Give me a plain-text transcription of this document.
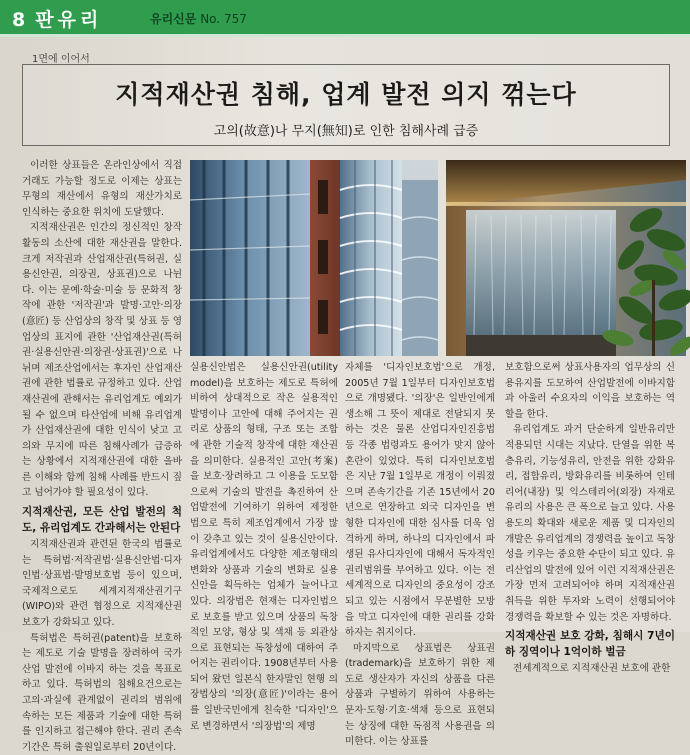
8 판유리	유리신문 No. 757
1면에 이어서
지적재산권 침해, 업계 발전 의지 꺾는다
고의(故意)나 무지(無知)로 인한 침해사례 급증

이러한 상표들은 온라인상에서 직접 거래도 가능할 정도로 이제는 상표는 무형의 재산에서 유형의 재산가치로 인식하는 중요한 위치에 도달했다.

지적재산권은 인간의 정신적인 창작활동의 소산에 대한 재산권을 말한다. 크게 저작권과 산업재산권(특허권, 실용신안권, 의장권, 상표권)으로 나뉜다. 이는 문예·학술·미술 등 문화적 창작에 관한 '저작권'과 발명·고안·의장(意匠) 등 산업상의 창작 및 상표 등 영업상의 표지에 관한 '산업재산권(특허권·실용신안권·의장권·상표권)'으로 나뉘며 제조산업에서는 후자인 산업재산권에 관한 법률로 규정하고 있다. 산업재산권에 관해서는 유리업계도 예외가 될 수 없으며 타산업에 비해 유리업계가 산업재산권에 대한 인식이 낮고 고의와 무지에 따른 침해사례가 급증하는 상황에서 지적재산권에 대한 올바른 이해와 함께 침해 사례를 반드시 짚고 넘어가야 할 필요성이 있다.

지적재산권, 모든 산업 발전의 척도, 유리업계도 간과해서는 안된다

지적재산권과 관련된 한국의 법률로는 특허법·저작권법·실용신안법·디자인법·상표법·발명보호법 등이 있으며, 국제적으로도 세계지적재산권기구(WIPO)와 관련 협정으로 지적재산권 보호가 강화되고 있다.

특허법은 특허권(patent)을 보호하는 제도로 기술 발명을 장려하여 국가산업 발전에 이바지 하는 것을 목표로 하고 있다. 특허법의 침해요건으로는 고의·과실에 관계없이 권리의 범위에 속하는 모든 제품과 기술에 대한 특허를 인지하고 접근해야 한다. 권리 존속기간은 특허 출원일로부터 20년이다.

실용신안법은 실용신안권(utility model)을 보호하는 제도로 특허에 비하여 상대적으로 작은 실용적인 발명이나 고안에 대해 주어지는 권리로 상품의 형태, 구조 또는 조합에 관한 기술적 창작에 대한 재산권을 의미한다. 실용적인 고안(考案)을 보호·장려하고 그 이용을 도모함으로써 기술의 발전을 촉진하여 산업발전에 기여하기 위하여 제정한 법으로 특히 제조업계에서 가장 많이 갖추고 있는 것이 실용신안이다. 유리업계에서도 다양한 제조형태의 변화와 상품과 기술의 변화로 실용신안을 획득하는 업체가 늘어나고 있다. 의장법은 현재는 디자인법으로 보호를 받고 있으며 상품의 독창적인 모양, 형상 및 색채 등 외관상으로 표현되는 독창성에 대하여 주어지는 권리이다. 1908년부터 사용되어 왔던 일본식 한자말인 현행 의장법상의 '의장(意匠)'이라는 용어를 일반국민에게 친숙한 '디자인'으로 변경하면서 '의장법'의 제명

자체를 '디자인보호법'으로 개정, 2005년 7월 1일부터 디자인보호법으로 개명됐다. '의장'은 일반인에게 생소해 그 뜻이 제대로 전달되지 못하는 것은 물론 산업디자인진흥법 등 각종 법령과도 용어가 맞지 않아 혼란이 있었다. 특히 디자인보호법은 지난 7월 1일부로 개정이 이뤄졌으며 존속기간을 기존 15년에서 20년으로 연장하고 외국 디자인을 변형한 디자인에 대한 심사를 더욱 엄격하게 하며, 하나의 디자인에서 파생된 유사디자인에 대해서 독자적인 권리범위를 부여하고 있다. 이는 전세계적으로 디자인의 중요성이 강조되고 있는 시점에서 무분별한 모방을 막고 디자인에 대한 권리를 강화하자는 취지이다.

마지막으로 상표법은 상표권(trademark)을 보호하기 위한 제도로 생산자가 자신의 상품을 다른 상품과 구별하기 위하여 사용하는 문자·도형·기호·색채 등으로 표현되는 상징에 대한 독점적 사용권을 의미한다. 이는 상표를

보호함으로써 상표사용자의 업무상의 신용유지를 도모하여 산업발전에 이바지함과 아울러 수요자의 이익을 보호하는 역할을 한다.

유리업계도 과거 단순하게 일반유리만 적용되던 시대는 지났다. 단열을 위한 복층유리, 기능성유리, 안전을 위한 강화유리, 접합유리, 방화유리를 비롯하여 인테리어(내장) 및 익스테리어(외장) 자재로 유리의 사용은 큰 폭으로 늘고 있다. 사용용도의 확대와 새로운 제품 및 디자인의 개발은 유리업계의 경쟁력을 높이고 독창성을 키우는 중요한 수단이 되고 있다. 유리산업의 발전에 있어 이런 지적재산권은 가장 먼저 고려되어야 하며 지적재산권 취득을 위한 투자와 노력이 선행되어야 경쟁력을 확보할 수 있는 것은 자명하다.

지적재산권 보호 강화, 침해시 7년이하 징역이나 1억이하 벌금

전세계적으로 지적재산권 보호에 관한
